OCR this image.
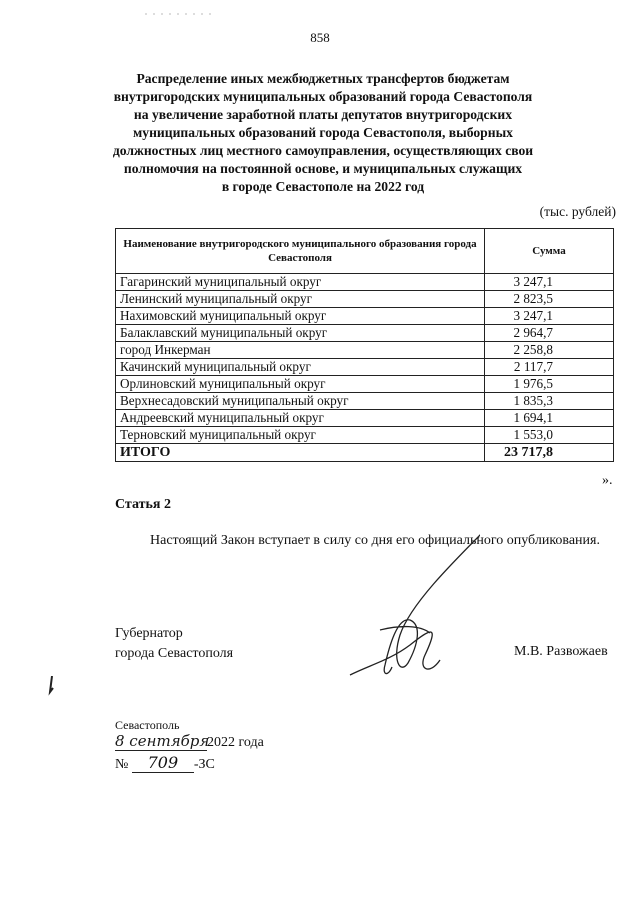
858
Распределение иных межбюджетных трансфертов бюджетам
внутригородских муниципальных образований города Севастополя
на увеличение заработной платы депутатов внутригородских
муниципальных образований города Севастополя, выборных
должностных лиц местного самоуправления, осуществляющих свои
полномочия на постоянной основе, и муниципальных служащих
в городе Севастополе на 2022 год
(тыс. рублей)
Наименование внутригородского муниципального образования города Севастополя	Сумма
Гагаринский муниципальный округ	3 247,1
Ленинский муниципальный округ	2 823,5
Нахимовский муниципальный округ	3 247,1
Балаклавский муниципальный округ	2 964,7
город Инкерман	2 258,8
Качинский муниципальный округ	2 117,7
Орлиновский муниципальный округ	1 976,5
Верхнесадовский муниципальный округ	1 835,3
Андреевский муниципальный округ	1 694,1
Терновский муниципальный округ	1 553,0
ИТОГО	23 717,8
».
Статья 2
Настоящий Закон вступает в силу со дня его официального опубликования.
Губернатор
города Севастополя	М.В. Развожаев
Севастополь
8 сентября2022 года
№ 709 -ЗС
